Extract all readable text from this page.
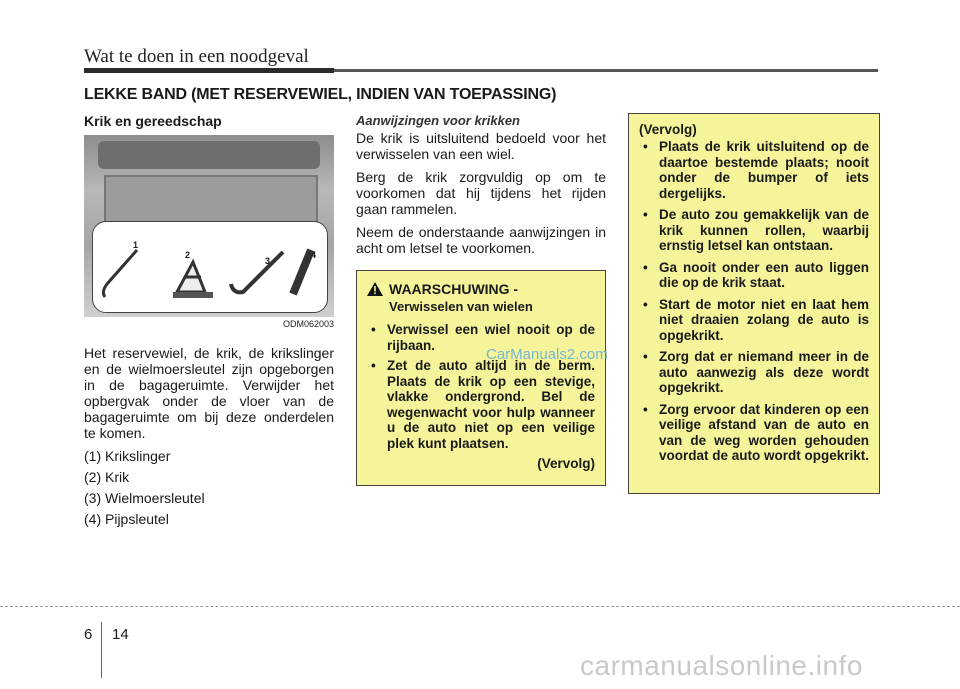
Wat te doen in een noodgeval
LEKKE BAND (MET RESERVEWIEL, INDIEN VAN TOEPASSING)
Krik en gereedschap
1
2
3
4
ODM062003

Het reservewiel, de krik, de krikslinger en de wielmoersleutel zijn opgeborgen in de bagageruimte. Verwijder het opbergvak onder de vloer van de bagageruimte om bij deze onderdelen te komen.

(1) Krikslinger
(2) Krik
(3) Wielmoersleutel
(4) Pijpsleutel
Aanwijzingen voor krikken

De krik is uitsluitend bedoeld voor het verwisselen van een wiel.

Berg de krik zorgvuldig op om te voorkomen dat hij tijdens het rijden gaan rammelen.

Neem de onderstaande aanwijzingen in acht om letsel te voorkomen.

WAARSCHUWING -
Verwisselen van wielen
• Verwissel een wiel nooit op de rijbaan.
• Zet de auto altijd in de berm. Plaats de krik op een stevige, vlakke ondergrond. Bel de wegenwacht voor hulp wanneer u de auto niet op een veilige plek kunt plaatsen.
(Vervolg)
(Vervolg)
• Plaats de krik uitsluitend op de daartoe bestemde plaats; nooit onder de bumper of iets dergelijks.
• De auto zou gemakkelijk van de krik kunnen rollen, waarbij ernstig letsel kan ontstaan.
• Ga nooit onder een auto liggen die op de krik staat.
• Start de motor niet en laat hem niet draaien zolang de auto is opgekrikt.
• Zorg dat er niemand meer in de auto aanwezig als deze wordt opgekrikt.
• Zorg ervoor dat kinderen op een veilige afstand van de auto en van de weg worden gehouden voordat de auto wordt opgekrikt.
CarManuals2.com
6 14
carmanualsonline.info
